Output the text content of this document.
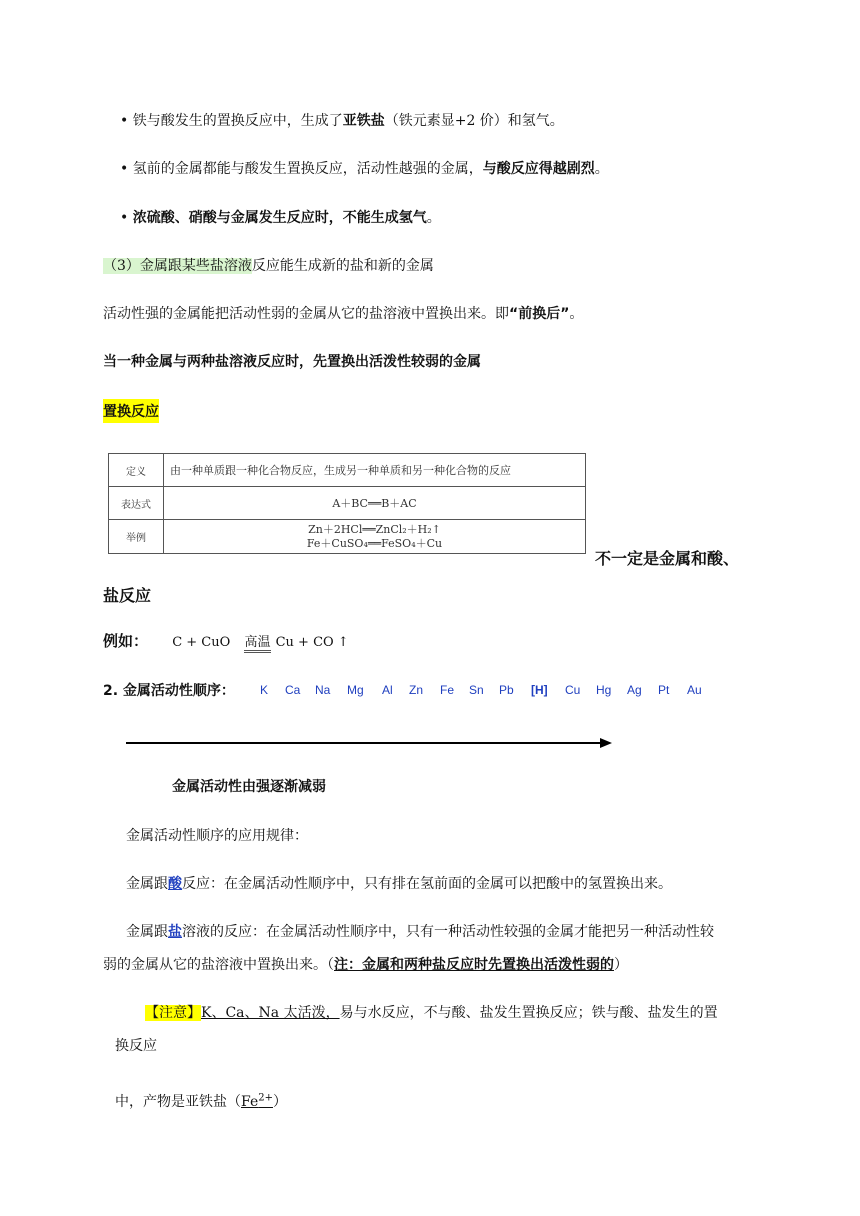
• 铁与酸发生的置换反应中，生成了亚铁盐（铁元素显+2 价）和氢气。
• 氢前的金属都能与酸发生置换反应，活动性越强的金属，与酸反应得越剧烈。
• 浓硫酸、硝酸与金属发生反应时，不能生成氢气。
（3）金属跟某些盐溶液反应能生成新的盐和新的金属
活动性强的金属能把活动性弱的金属从它的盐溶液中置换出来。即“前换后”。
当一种金属与两种盐溶液反应时，先置换出活泼性较弱的金属
置换反应
定义	由一种单质跟一种化合物反应，生成另一种单质和另一种化合物的反应
表达式	A＋BC══B＋AC
举例	Zn＋2HCl══ZnCl₂＋H₂↑
Fe＋CuSO₄══FeSO₄＋Cu
不一定是金属和酸、
盐反应
例如： C + CuO 高温 Cu + CO ↑
2. 金属活动性顺序： K Ca Na Mg Al Zn Fe Sn Pb [H] Cu Hg Ag Pt Au
金属活动性由强逐渐减弱
金属活动性顺序的应用规律：
金属跟酸反应：在金属活动性顺序中，只有排在氢前面的金属可以把酸中的氢置换出来。
金属跟盐溶液的反应：在金属活动性顺序中，只有一种活动性较强的金属才能把另一种活动性较
弱的金属从它的盐溶液中置换出来。（注：金属和两种盐反应时先置换出活泼性弱的）
【注意】K、Ca、Na 太活泼，易与水反应，不与酸、盐发生置换反应；铁与酸、盐发生的置
换反应
中，产物是亚铁盐$(Fe^{2+})$
